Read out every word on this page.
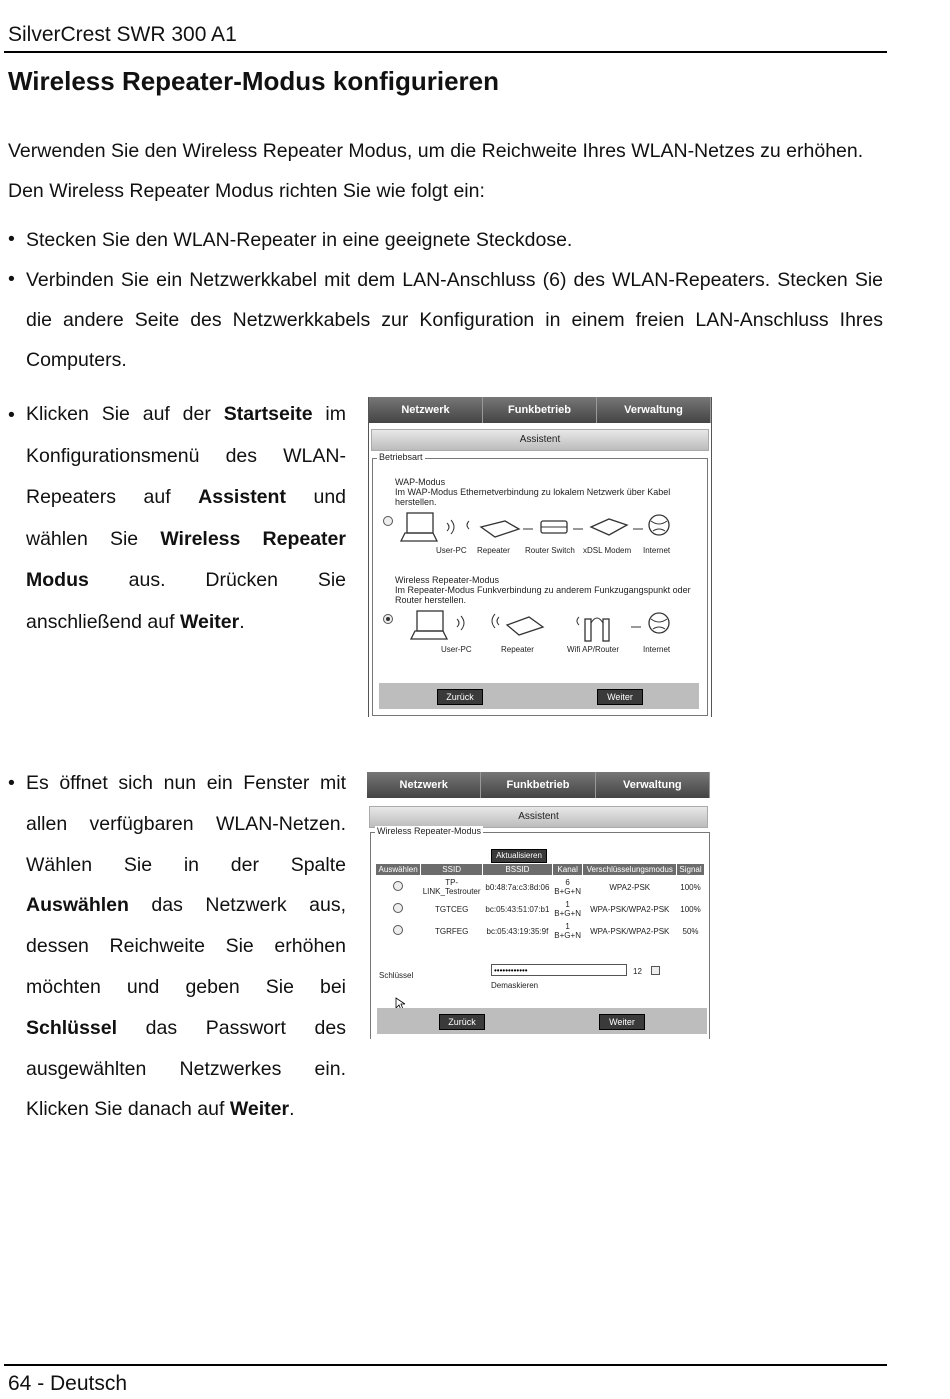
SilverCrest SWR 300 A1
Wireless Repeater-Modus konfigurieren
Verwenden Sie den Wireless Repeater Modus, um die Reichweite Ihres WLAN-Netzes zu erhöhen.
Den Wireless Repeater Modus richten Sie wie folgt ein:
• Stecken Sie den WLAN-Repeater in eine geeignete Steckdose.
• Verbinden Sie ein Netzwerkkabel mit dem LAN-Anschluss (6) des WLAN-Repeaters. Stecken Sie die andere Seite des Netzwerkkabels zur Konfiguration in einem freien LAN-Anschluss Ihres Computers.
• Klicken Sie auf der Startseite im Konfigurationsmenü des WLAN-Repeaters auf Assistent und wählen Sie Wireless Repeater Modus aus. Drücken Sie anschließend auf Weiter.
Netzwerk	Funkbetrieb	Verwaltung
Assistent
Betriebsart
WAP-Modus
Im WAP-Modus Ethernetverbindung zu lokalem Netzwerk über Kabel herstellen.
User-PC Repeater Router Switch xDSL Modem Internet
Wireless Repeater-Modus
Im Repeater-Modus Funkverbindung zu anderem Funkzugangspunkt oder Router herstellen.
User-PC	Repeater	Wifi AP/Router	Internet
Zurück	Weiter
• Es öffnet sich nun ein Fenster mit allen verfügbaren WLAN-Netzen. Wählen Sie in der Spalte Auswählen das Netzwerk aus, dessen Reichweite Sie erhöhen möchten und geben Sie bei Schlüssel das Passwort des ausgewählten Netzwerkes ein. Klicken Sie danach auf Weiter.
Netzwerk	Funkbetrieb	Verwaltung
Assistent
Wireless Repeater-Modus
Aktualisieren
Auswählen	SSID	BSSID	Kanal	Verschlüsselungsmodus	Signal
	TP-LINK_Testrouter	b0:48:7a:c3:8d:06	6 B+G+N	WPA2-PSK	100%
	TGTCEG	bc:05:43:51:07:b1	1 B+G+N	WPA-PSK/WPA2-PSK	100%
	TGRFEG	bc:05:43:19:35:9f	1 B+G+N	WPA-PSK/WPA2-PSK	50%
Schlüssel
••••••••••••	12
Demaskieren
Zurück	Weiter
64 - Deutsch
